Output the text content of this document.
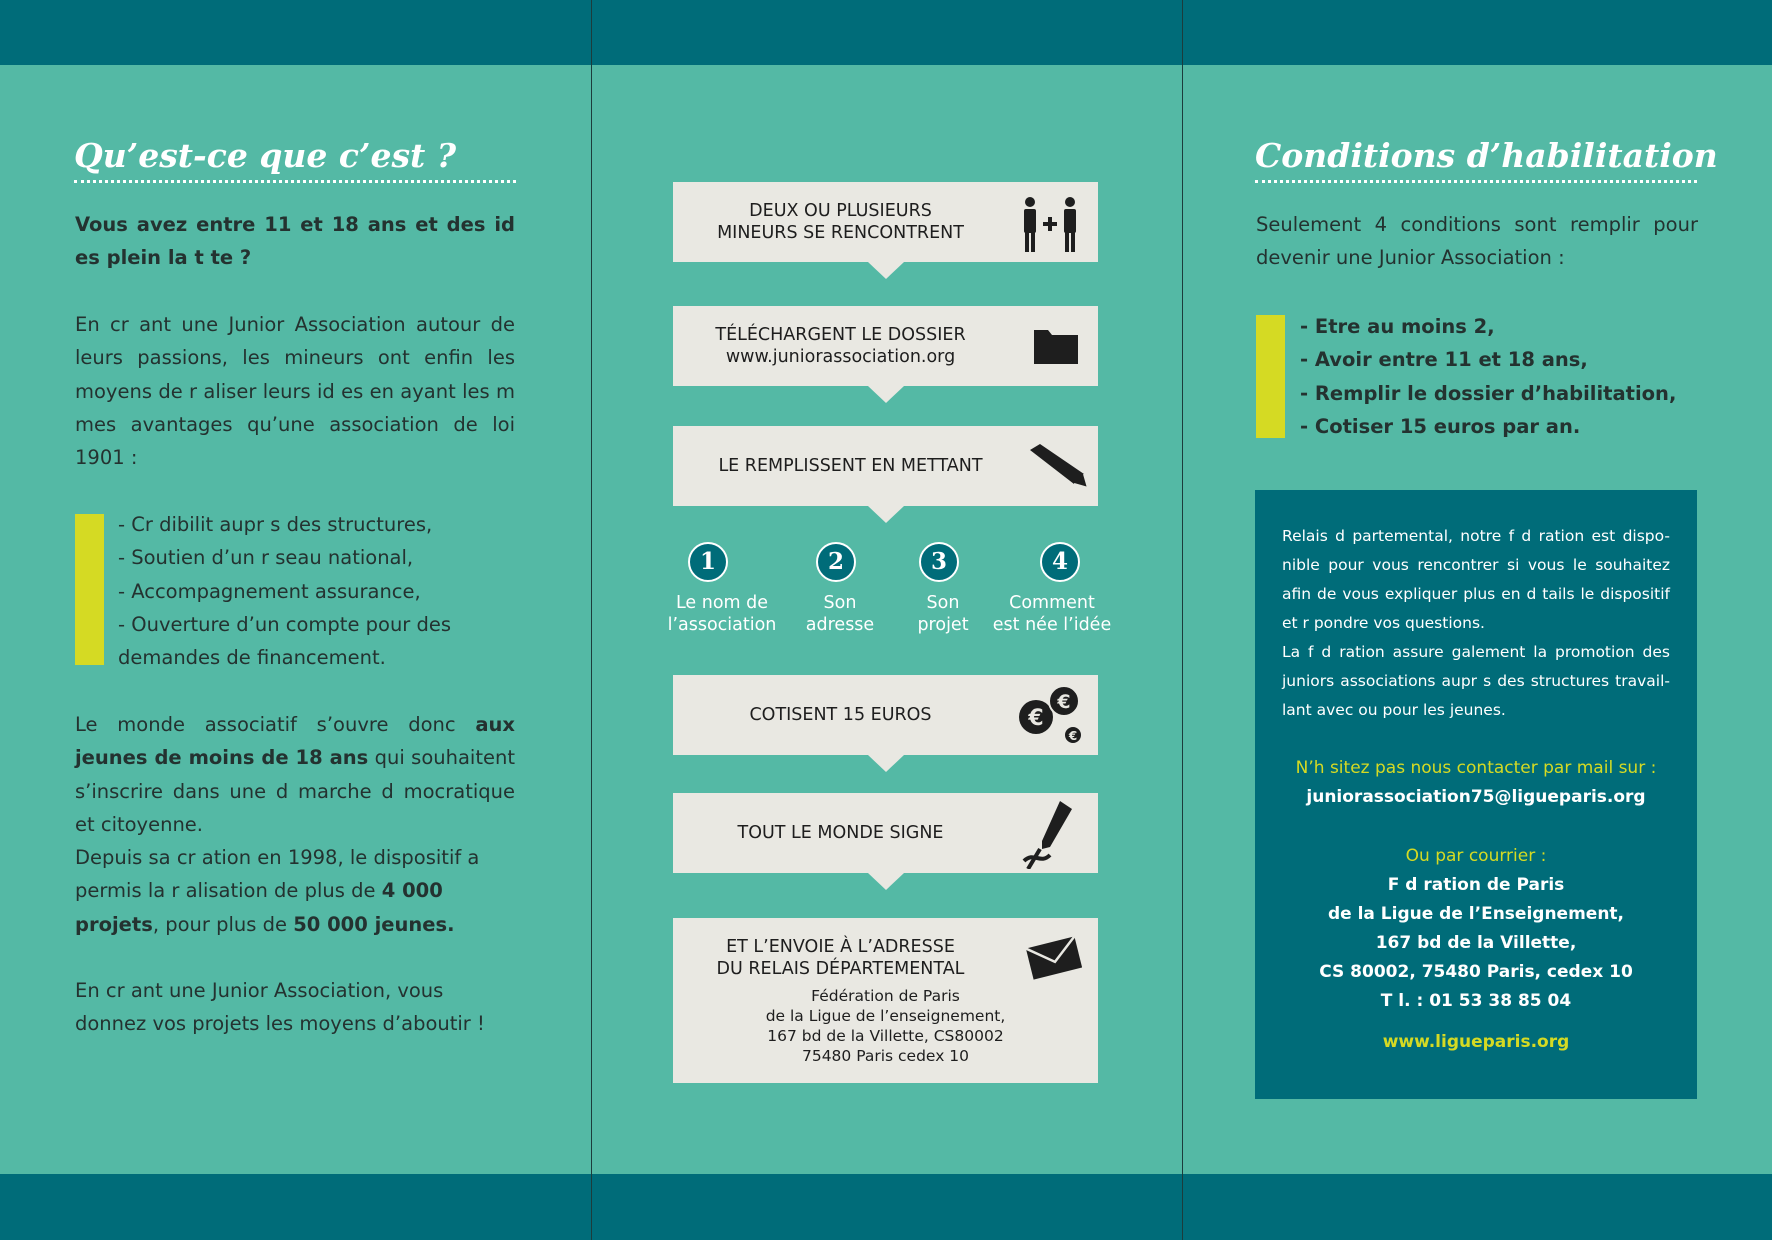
Qu’est-ce que c’est ?
Vous avez entre 11 et 18 ans et des id es plein la t te ?
En cr ant une Junior Association autour de leurs passions, les mineurs ont enfin les moyens de r aliser leurs id es en ayant les m mes avantages qu’une association de loi 1901 :
- Cr dibilit aupr s des structures,
- Soutien d’un r seau national,
- Accompagnement assurance,
- Ouverture d’un compte pour des
demandes de financement.
Le monde associatif s’ouvre donc aux jeunes de moins de 18 ans qui souhaitent s’inscrire dans une d marche d mocratique et citoyenne.
Depuis sa cr ation en 1998, le dispositif a permis la r alisation de plus de 4 000 projets, pour plus de 50 000 jeunes.
En cr ant une Junior Association, vous donnez vos projets les moyens d’aboutir !
DEUX OU PLUSIEURS
MINEURS SE RENCONTRENT
TÉLÉCHARGENT LE DOSSIER
www.juniorassociation.org
LE REMPLISSENT EN METTANT
1
Le nom de
l’association
2
Son
adresse
3
Son
projet
4
Comment
est née l’idée
COTISENT 15 EUROS	€
€
€
TOUT LE MONDE SIGNE
ET L’ENVOIE À L’ADRESSE
DU RELAIS DÉPARTEMENTAL
Fédération de Paris
de la Ligue de l’enseignement,
167 bd de la Villette, CS80002
75480 Paris cedex 10
Conditions d’habilitation
Seulement 4 conditions sont remplir pour devenir une Junior Association :
- Etre au moins 2,
- Avoir entre 11 et 18 ans,
- Remplir le dossier d’habilitation,
- Cotiser 15 euros par an.
Relais d partemental, notre f d ration est dispo-nible pour vous rencontrer si vous le souhaitez afin de vous expliquer plus en d tails le dispositif et r pondre vos questions.
La f d ration assure galement la promotion des juniors associations aupr s des structures travail-lant avec ou pour les jeunes.
N’h sitez pas nous contacter par mail sur :
juniorassociation75@ligueparis.org
Ou par courrier :
F d ration de Paris
de la Ligue de l’Enseignement,
167 bd de la Villette,
CS 80002, 75480 Paris, cedex 10
T l. : 01 53 38 85 04
www.ligueparis.org
